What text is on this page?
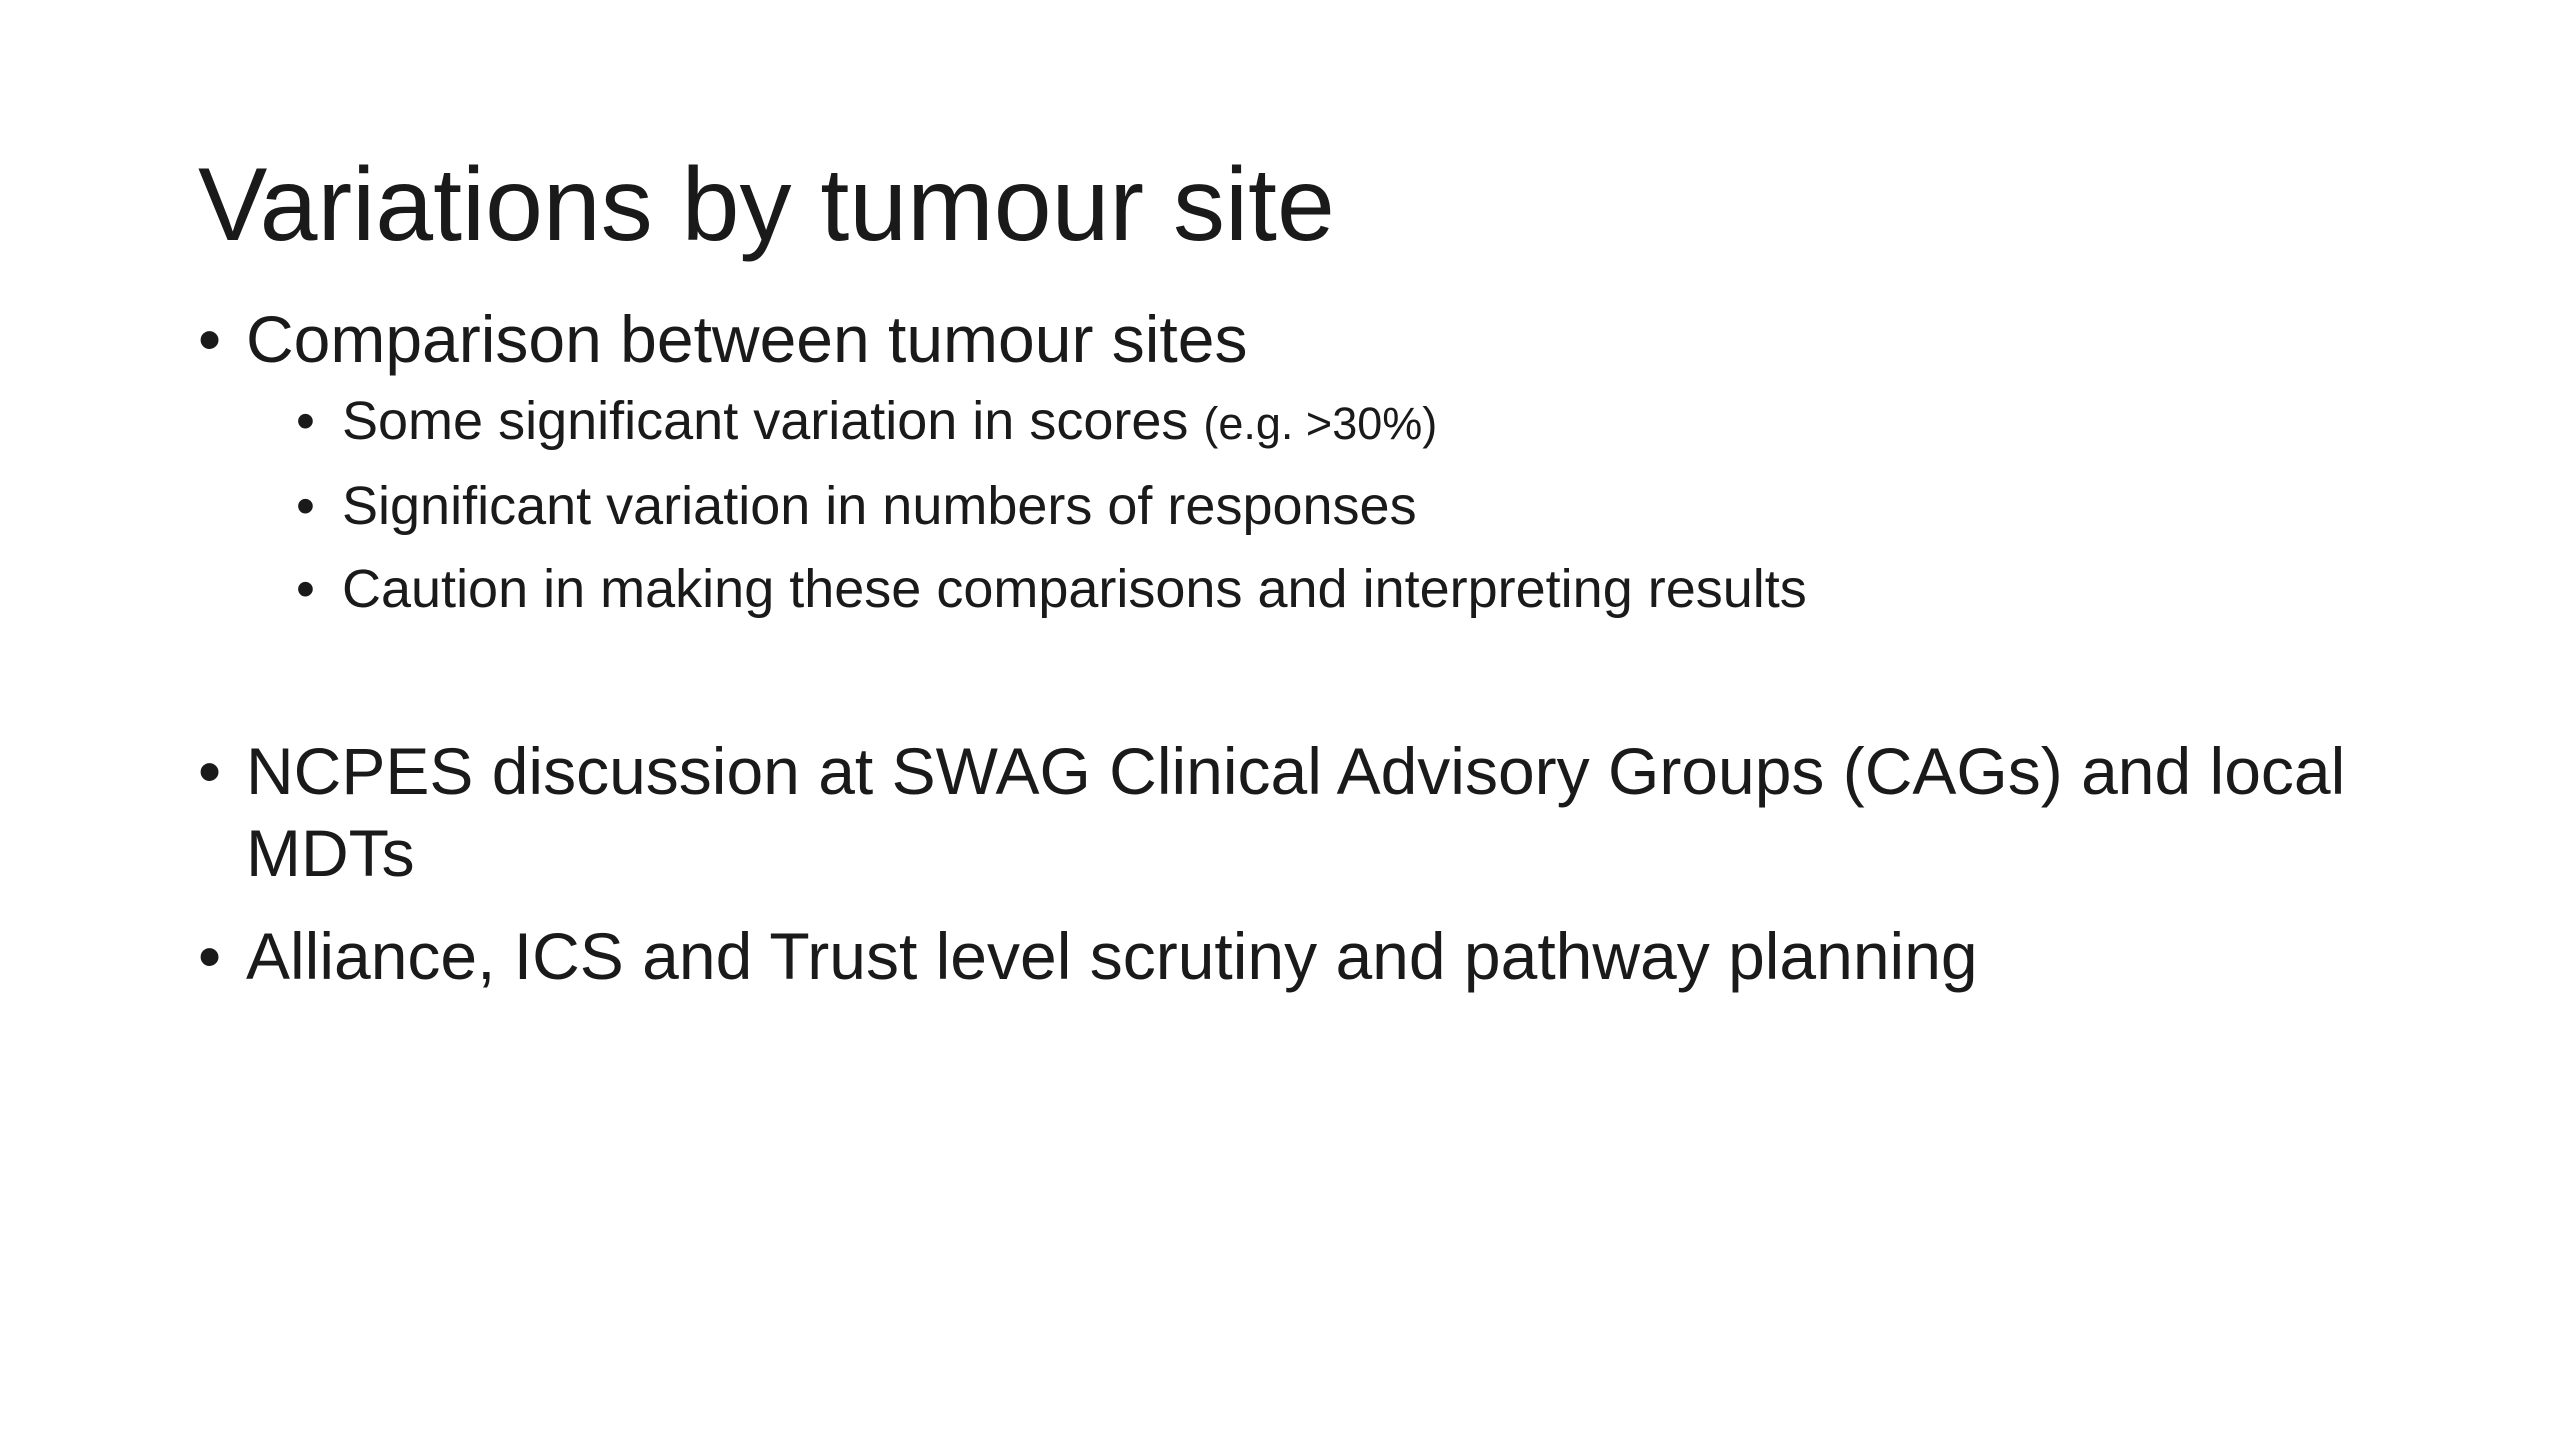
Variations by tumour site
• Comparison between tumour sites
• Some significant variation in scores (e.g. >30%)
• Significant variation in numbers of responses
• Caution in making these comparisons and interpreting results
• NCPES discussion at SWAG Clinical Advisory Groups (CAGs) and local MDTs
• Alliance, ICS and Trust level scrutiny and pathway planning
